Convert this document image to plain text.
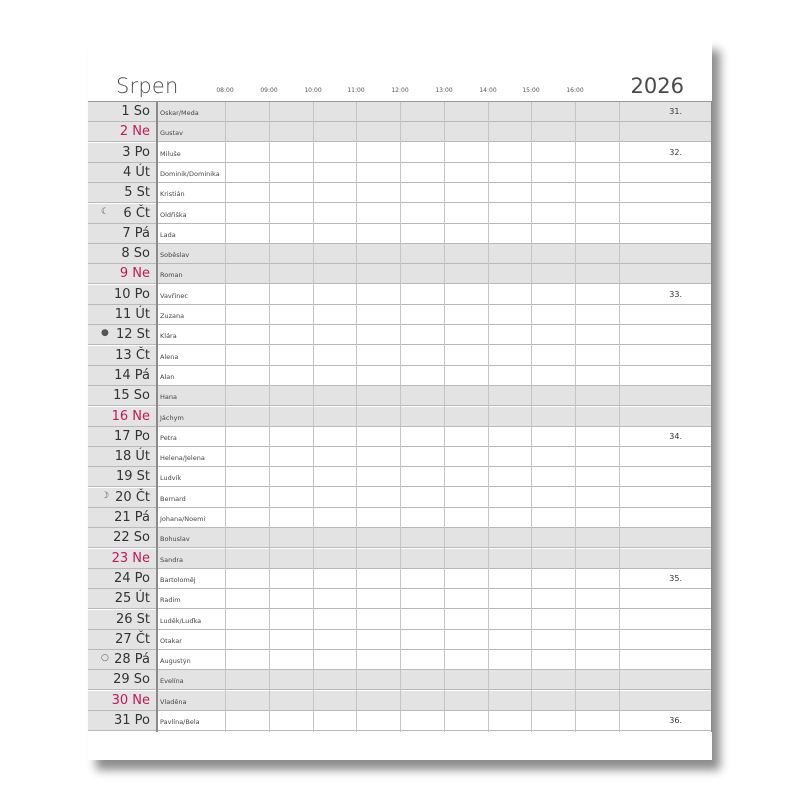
Srpen	2026
08:00	09:00	10:00	11:00	12:00	13:00	14:00	15:00	16:00
1 So Oskar/Meda	31.
2 Ne Gustav
3 Po Miluše	32.
4 Út Dominik/Dominika
5 St Kristián
☾ 6 Čt Oldřiška
7 Pá Lada
8 So Soběslav
9 Ne Roman
10 Po Vavřinec	33.
11 Út Zuzana
● 12 St Klára
13 Čt Alena
14 Pá Alan
15 So Hana
16 Ne Jáchym
17 Po Petra	34.
18 Út Helena/Jelena
19 St Ludvík
☽ 20 Čt Bernard
21 Pá Johana/Noemi
22 So Bohuslav
23 Ne Sandra
24 Po Bartoloměj	35.
25 Út Radim
26 St Luděk/Luďka
27 Čt Otakar
○ 28 Pá Augustýn
29 So Evelína
30 Ne Vladěna
31 Po Pavlína/Bela	36.
